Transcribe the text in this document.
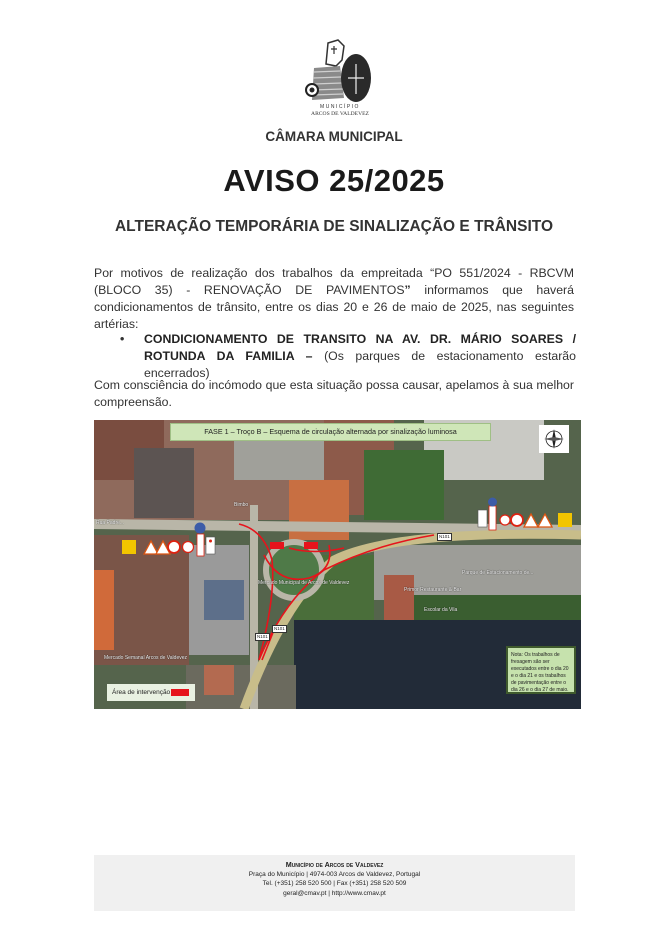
MUNICÍPIO
ARCOS DE VALDEVEZ
CÂMARA MUNICIPAL
AVISO 25/2025
ALTERAÇÃO TEMPORÁRIA DE SINALIZAÇÃO E TRÂNSITO
Por motivos de realização dos trabalhos da empreitada “PO 551/2024 - RBCVM (BLOCO 35) - RENOVAÇÃO DE PAVIMENTOS” informamos que haverá condicionamentos de trânsito, entre os dias 20 e 26 de maio de 2025, nas seguintes artérias:
• CONDICIONAMENTO DE TRANSITO NA AV. DR. MÁRIO SOARES / ROTUNDA DA FAMILIA – (Os parques de estacionamento estarão encerrados)
Com consciência do incómodo que esta situação possa causar, apelamos à sua melhor compreensão.
FASE 1 – Troço B – Esquema de circulação alternada por sinalização luminosa
N101
N101
N101
Bimbo
Rua Padre...
Mercado Municipal de Arcos de Valdevez
Mercado Semanal Arcos de Valdevez
Primor Restaurante & Bar
Parque de Estacionamento de...
Escolar da Vila
Área de intervenção
Nota: Os trabalhos de fresagem são ser executados entre o dia 20 e o dia 21 e os trabalhos de pavimentação entre o dia 26 e o dia 27 de maio.
Município de Arcos de Valdevez
Praça do Município | 4974-003 Arcos de Valdevez, Portugal
Tel. (+351) 258 520 500 | Fax (+351) 258 520 509
geral@cmav.pt | http://www.cmav.pt
